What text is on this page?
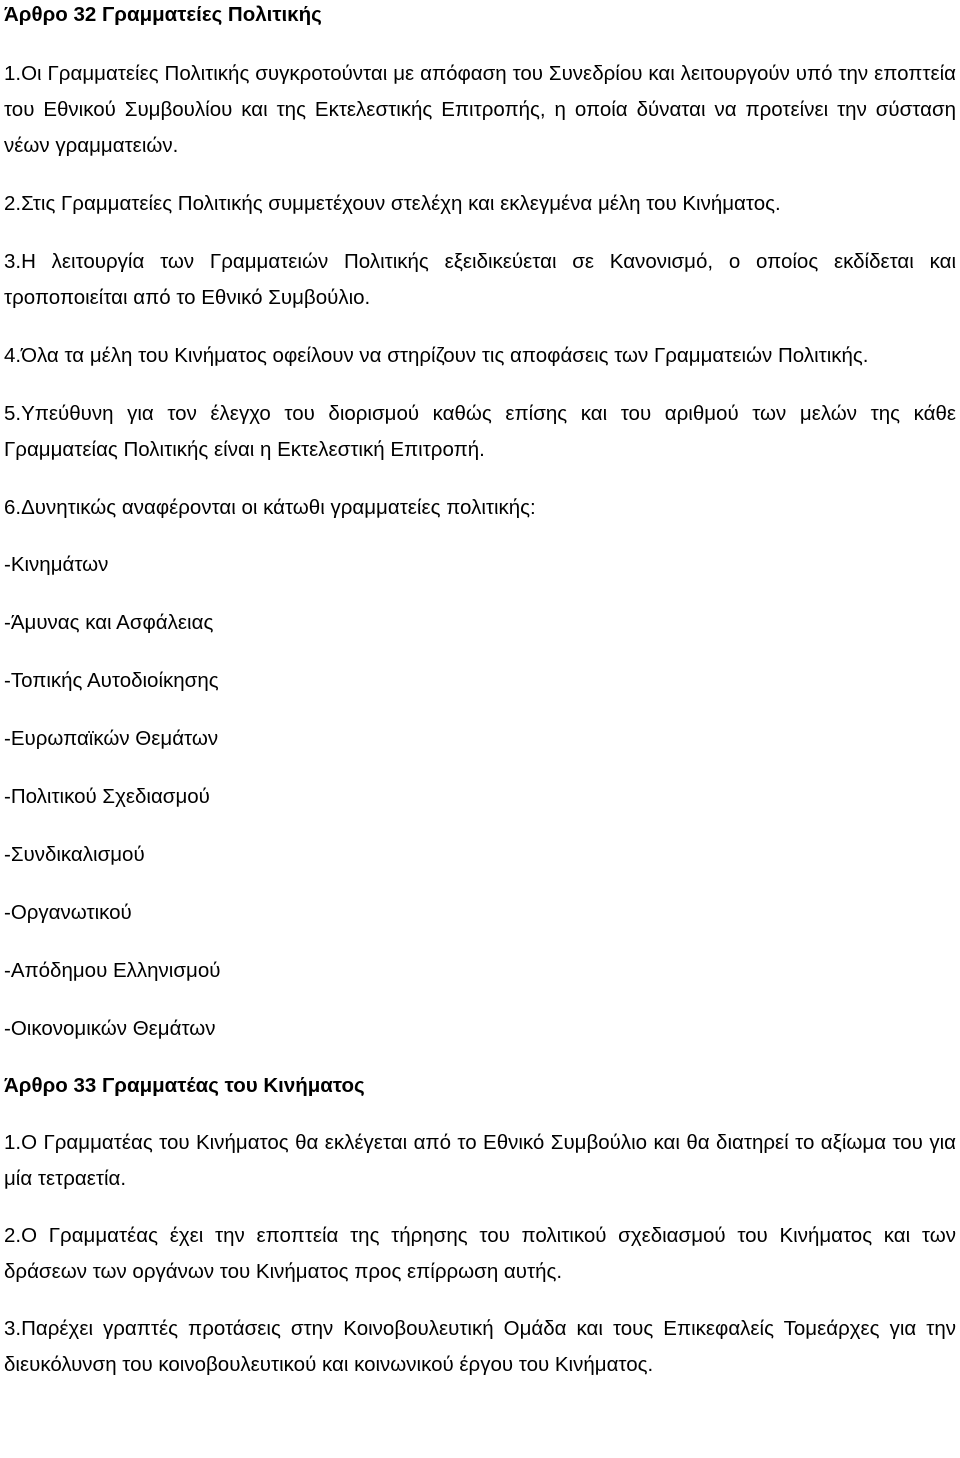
Άρθρο 32 Γραμματείες Πολιτικής

1.Οι Γραμματείες Πολιτικής συγκροτούνται με απόφαση του Συνεδρίου και λειτουργούν υπό την εποπτεία του Εθνικού Συμβουλίου και της Εκτελεστικής Επιτροπής, η οποία δύναται να προτείνει την σύσταση νέων γραμματειών.

2.Στις Γραμματείες Πολιτικής συμμετέχουν στελέχη και εκλεγμένα μέλη του Κινήματος.

3.Η λειτουργία των Γραμματειών Πολιτικής εξειδικεύεται σε Κανονισμό, ο οποίος εκδίδεται και τροποποιείται από το Εθνικό Συμβούλιο.

4.Όλα τα μέλη του Κινήματος οφείλουν να στηρίζουν τις αποφάσεις των Γραμματειών Πολιτικής.

5.Υπεύθυνη για τον έλεγχο του διορισμού καθώς επίσης και του αριθμού των μελών της κάθε Γραμματείας Πολιτικής είναι η Εκτελεστική Επιτροπή.

6.Δυνητικώς αναφέρονται οι κάτωθι γραμματείες πολιτικής:

-Κινημάτων

-Άμυνας και Ασφάλειας

-Τοπικής Αυτοδιοίκησης

-Ευρωπαϊκών Θεμάτων

-Πολιτικού Σχεδιασμού

-Συνδικαλισμού

-Οργανωτικού

-Απόδημου Ελληνισμού

-Οικονομικών Θεμάτων

Άρθρο 33 Γραμματέας του Κινήματος

1.Ο Γραμματέας του Κινήματος θα εκλέγεται από το Εθνικό Συμβούλιο και θα διατηρεί το αξίωμα του για μία τετραετία.

2.Ο Γραμματέας έχει την εποπτεία της τήρησης του πολιτικού σχεδιασμού του Κινήματος και των δράσεων των οργάνων του Κινήματος προς επίρρωση αυτής.

3.Παρέχει γραπτές προτάσεις στην Κοινοβουλευτική Ομάδα και τους Επικεφαλείς Τομεάρχες για την διευκόλυνση του κοινοβουλευτικού και κοινωνικού έργου του Κινήματος.
